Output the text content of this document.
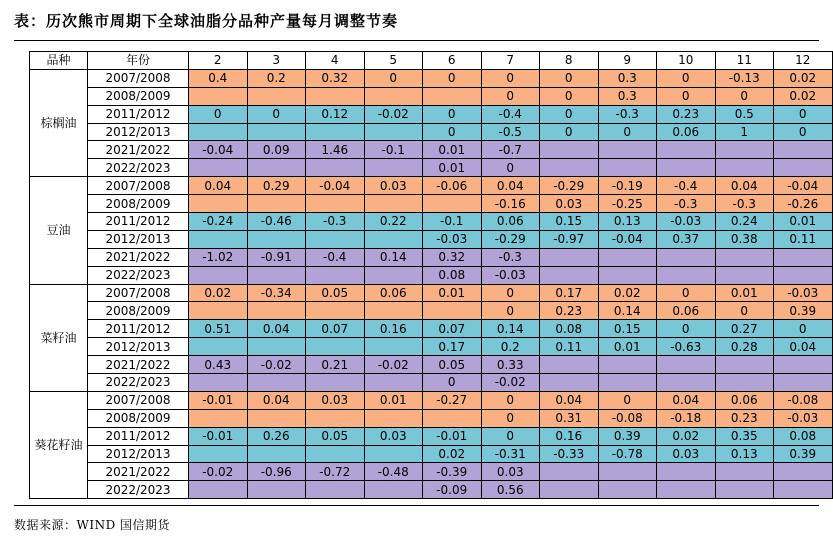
表：历次熊市周期下全球油脂分品种产量每月调整节奏
品种	年份	2	3	4	5	6	7	8	9	10	11	12
棕榈油	2007/2008	0.4	0.2	0.32	0	0	0	0	0.3	0	-0.13	0.02
	2008/2009						0	0	0.3	0	0	0.02
	2011/2012	0	0	0.12	-0.02	0	-0.4	0	-0.3	0.23	0.5	0
	2012/2013					0	-0.5	0	0	0.06	1	0
	2021/2022	-0.04	0.09	1.46	-0.1	0.01	-0.7					
	2022/2023					0.01	0					
豆油	2007/2008	0.04	0.29	-0.04	0.03	-0.06	0.04	-0.29	-0.19	-0.4	0.04	-0.04
	2008/2009						-0.16	0.03	-0.25	-0.3	-0.3	-0.26
	2011/2012	-0.24	-0.46	-0.3	0.22	-0.1	0.06	0.15	0.13	-0.03	0.24	0.01
	2012/2013					-0.03	-0.29	-0.97	-0.04	0.37	0.38	0.11
	2021/2022	-1.02	-0.91	-0.4	0.14	0.32	-0.3					
	2022/2023					0.08	-0.03					
菜籽油	2007/2008	0.02	-0.34	0.05	0.06	0.01	0	0.17	0.02	0	0.01	-0.03
	2008/2009						0	0.23	0.14	0.06	0	0.39
	2011/2012	0.51	0.04	0.07	0.16	0.07	0.14	0.08	0.15	0	0.27	0
	2012/2013					0.17	0.2	0.11	0.01	-0.63	0.28	0.04
	2021/2022	0.43	-0.02	0.21	-0.02	0.05	0.33					
	2022/2023					0	-0.02					
葵花籽油	2007/2008	-0.01	0.04	0.03	0.01	-0.27	0	0.04	0	0.04	0.06	-0.08
	2008/2009						0	0.31	-0.08	-0.18	0.23	-0.03
	2011/2012	-0.01	0.26	0.05	0.03	-0.01	0	0.16	0.39	0.02	0.35	0.08
	2012/2013					0.02	-0.31	-0.33	-0.78	0.03	0.13	0.39
	2021/2022	-0.02	-0.96	-0.72	-0.48	-0.39	0.03					
	2022/2023					-0.09	0.56					
数据来源：WIND 国信期货
